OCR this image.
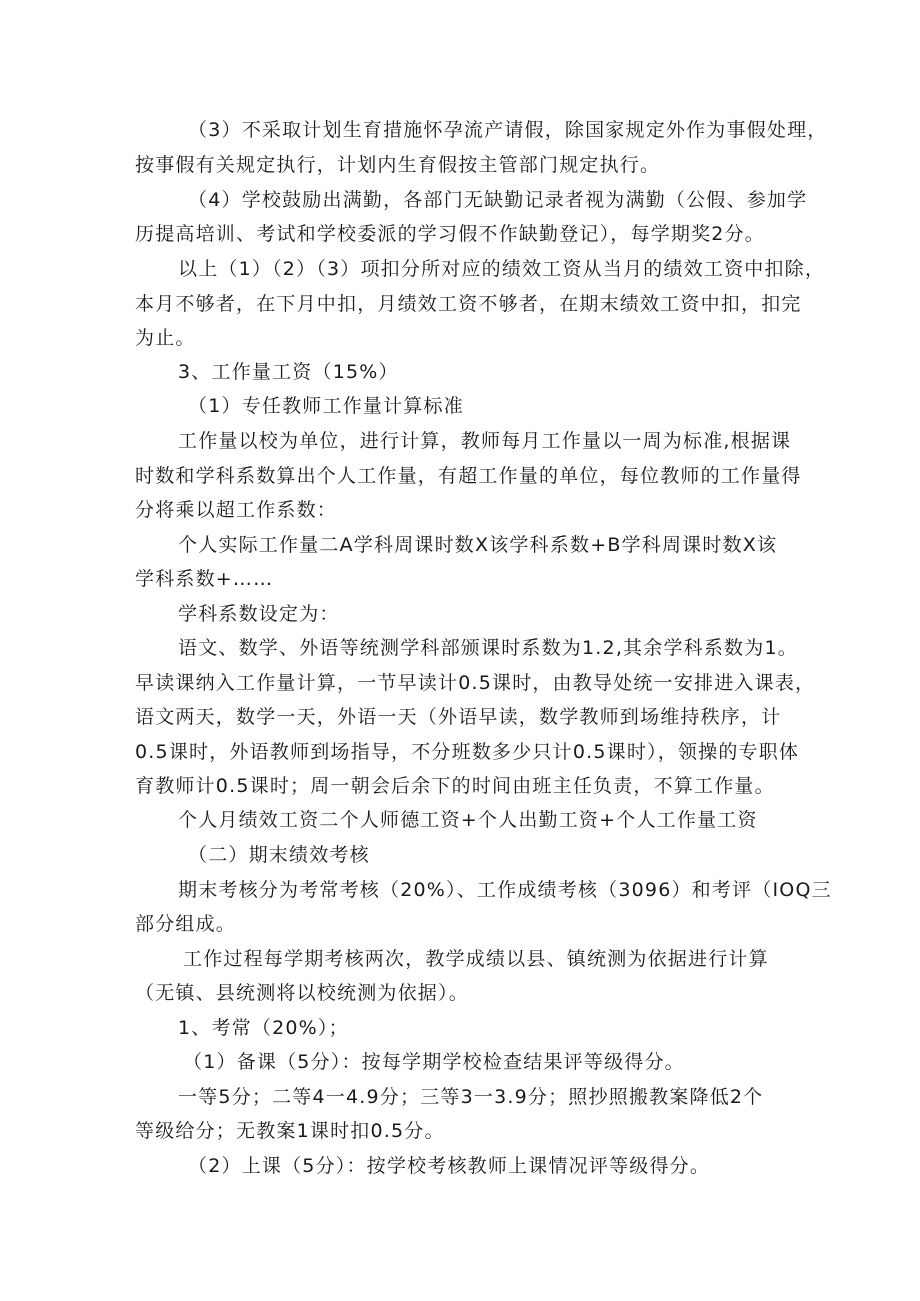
（3）不采取计划生育措施怀孕流产请假，除国家规定外作为事假处理，
按事假有关规定执行，计划内生育假按主管部门规定执行。
（4）学校鼓励出满勤，各部门无缺勤记录者视为满勤（公假、参加学
历提高培训、考试和学校委派的学习假不作缺勤登记），每学期奖2分。
以上（1）（2）（3）项扣分所对应的绩效工资从当月的绩效工资中扣除，
本月不够者，在下月中扣，月绩效工资不够者，在期末绩效工资中扣，扣完
为止。
3、工作量工资（15%）
（1）专任教师工作量计算标准
工作量以校为单位，进行计算，教师每月工作量以一周为标准,根据课
时数和学科系数算出个人工作量，有超工作量的单位，每位教师的工作量得
分将乘以超工作系数：
个人实际工作量二A学科周课时数X该学科系数+B学科周课时数X该
学科系数+……
学科系数设定为：
语文、数学、外语等统测学科部颁课时系数为1.2,其余学科系数为1。
早读课纳入工作量计算，一节早读计0.5课时，由教导处统一安排进入课表，
语文两天，数学一天，外语一天（外语早读，数学教师到场维持秩序，计
0.5课时，外语教师到场指导，不分班数多少只计0.5课时），领操的专职体
育教师计0.5课时；周一朝会后余下的时间由班主任负责，不算工作量。
个人月绩效工资二个人师德工资+个人出勤工资+个人工作量工资
（二）期末绩效考核
期末考核分为考常考核（20%）、工作成绩考核（3096）和考评（IOQ三
部分组成。
工作过程每学期考核两次，教学成绩以县、镇统测为依据进行计算
（无镇、县统测将以校统测为依据）。
1、考常（20%）；
（1）备课（5分）：按每学期学校检查结果评等级得分。
一等5分；二等4一4.9分；三等3一3.9分；照抄照搬教案降低2个
等级给分；无教案1课时扣0.5分。
（2）上课（5分）：按学校考核教师上课情况评等级得分。
